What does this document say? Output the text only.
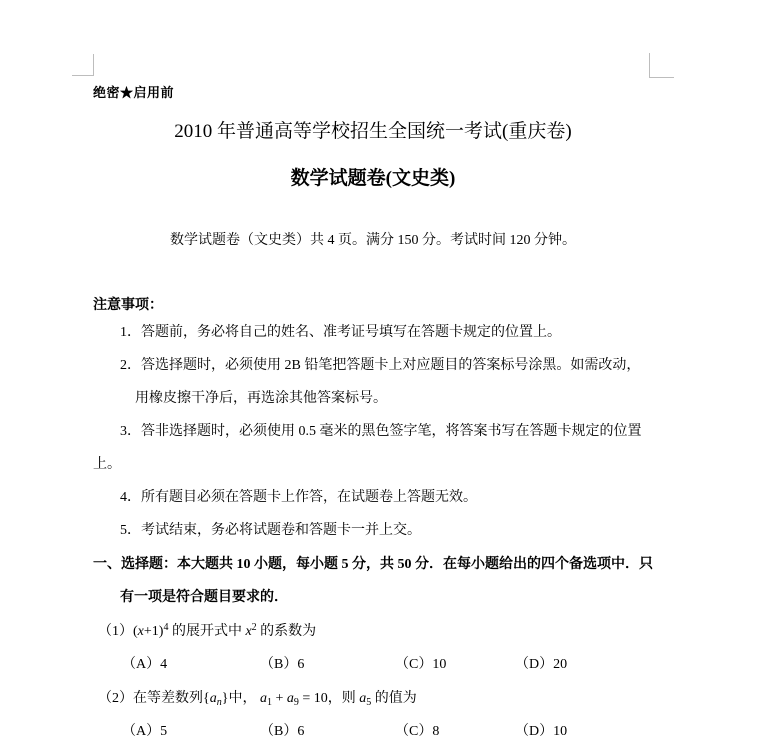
绝密★启用前
2010 年普通高等学校招生全国统一考试(重庆卷)
数学试题卷(文史类)
数学试题卷（文史类）共 4 页。满分 150 分。考试时间 120 分钟。
注意事项：
1．答题前，务必将自己的姓名、准考证号填写在答题卡规定的位置上。
2．答选择题时，必须使用 2B 铅笔把答题卡上对应题目的答案标号涂黑。如需改动，
用橡皮擦干净后，再选涂其他答案标号。
3．答非选择题时，必须使用 0.5 毫米的黑色签字笔，将答案书写在答题卡规定的位置
上。
4．所有题目必须在答题卡上作答，在试题卷上答题无效。
5．考试结束，务必将试题卷和答题卡一并上交。
一、选择题：本大题共 10 小题，每小题 5 分，共 50 分．在每小题给出的四个备选项中．只
有一项是符合题目要求的．
$(1)(x+1)^4$ 的展开式中 $x^2$ 的系数为
（A）4	（B）6	（C）10	（D）20
（2）在等差数列$\{a_n\}$中， $a_1 + a_9 = 10$，则 $a_5$ 的值为
（A）5	（B）6	（C）8	（D）10
